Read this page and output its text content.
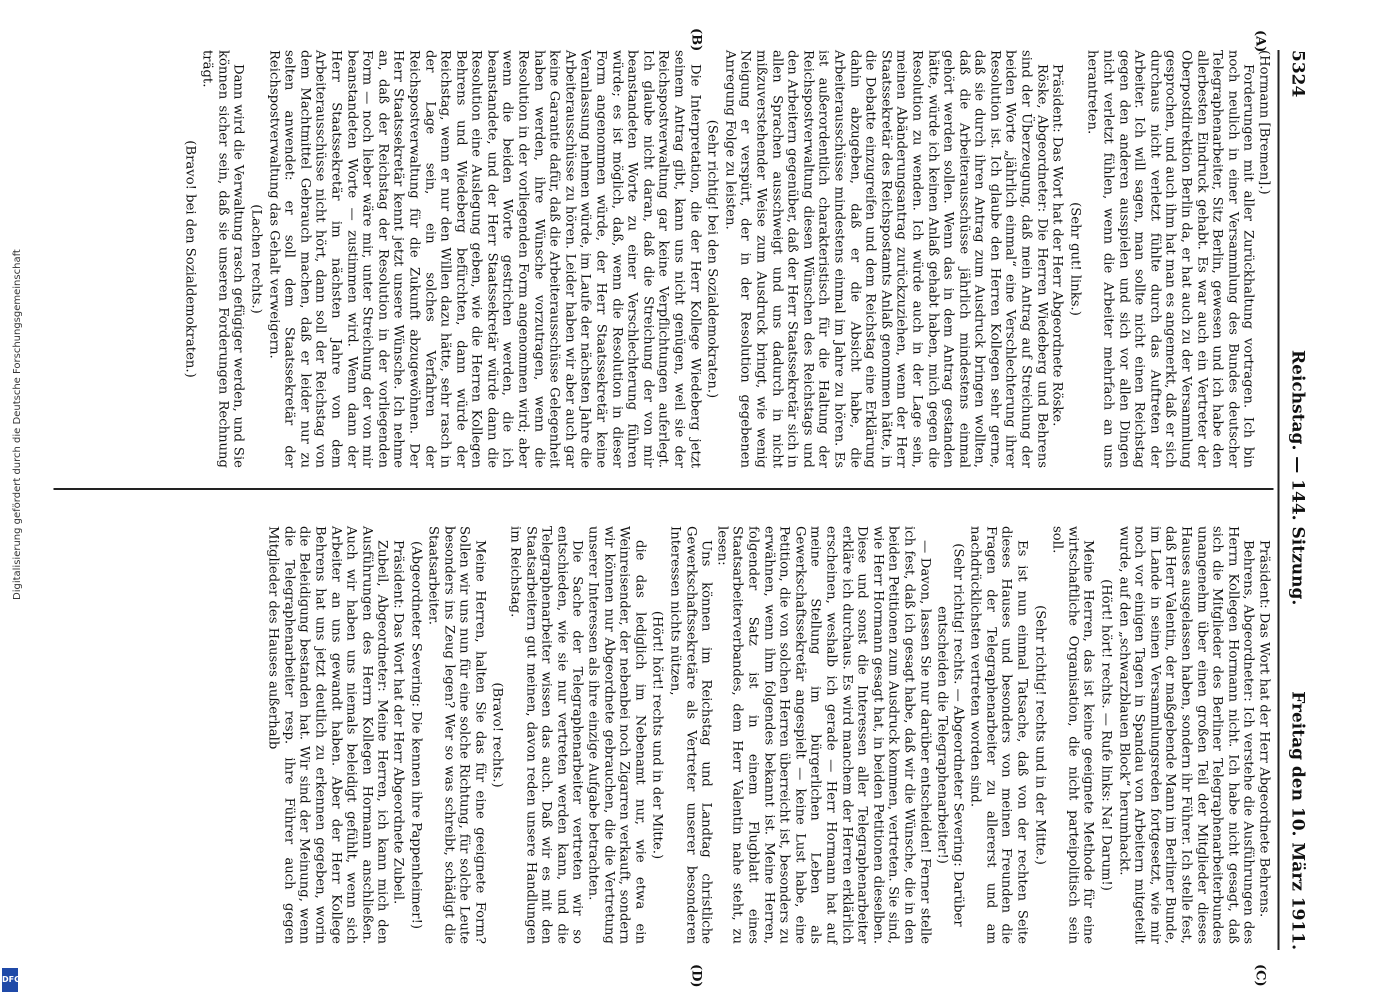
5324
Reichstag. — 144. Sitzung.
Freitag den 10. März 1911.
(A)
(B)
(C)
(D)

(Hormann [Bremen].)

Forderungen mit aller Zurückhaltung vortragen. Ich bin noch neulich in einer Versammlung des Bundes deutscher Telegraphenarbeiter, Sitz Berlin, gewesen und ich habe den allerbesten Eindruck gehabt. Es war auch ein Vertreter der Oberpostdirektion Berlin da, er hat auch zu der Versammlung gesprochen, und auch ihm hat man es angemerkt, daß er sich durchaus nicht verletzt fühlte durch das Auftreten der Arbeiter. Ich will sagen, man sollte nicht einen Reichstag gegen den anderen ausspielen und sich vor allen Dingen nicht verletzt fühlen, wenn die Arbeiter mehrfach an uns herantreten.

(Sehr gut! links.)

Präsident: Das Wort hat der Herr Abgeordnete Röske.

Röske, Abgeordneter: Die Herren Wiedeberg und Behrens sind der Überzeugung, daß mein Antrag auf Streichung der beiden Worte „jährlich einmal“ eine Verschlechterung ihrer Resolution ist. Ich glaube den Herren Kollegen sehr gerne, daß sie durch ihren Antrag zum Ausdruck bringen wollten, daß die Arbeiterausschüsse jährlich mindestens einmal gehört werden sollen. Wenn das in dem Antrag gestanden hätte, würde ich keinen Anlaß gehabt haben, mich gegen die Resolution zu wenden. Ich würde auch in der Lage sein, meinen Abänderungsantrag zurückzuziehen, wenn der Herr Staatssekretär des Reichspostamts Anlaß genommen hätte, in die Debatte einzugreifen und dem Reichstag eine Erklärung dahin abzugeben, daß er die Absicht habe, die Arbeiterausschüsse mindestens einmal im Jahre zu hören. Es ist außerordentlich charakteristisch für die Haltung der Reichspostverwaltung diesen Wünschen des Reichstags und den Arbeitern gegenüber, daß der Herr Staatssekretär sich in allen Sprachen ausschweigt und uns dadurch in nicht mißzuverstehender Weise zum Ausdruck bringt, wie wenig Neigung er verspürt, der in der Resolution gegebenen Anregung Folge zu leisten.

(Sehr richtig! bei den Sozialdemokraten.)

Die Interpretation, die der Herr Kollege Wiedeberg jetzt seinem Antrag gibt, kann uns nicht genügen, weil sie der Reichspostverwaltung gar keine Verpflichtungen auferlegt. Ich glaube nicht daran, daß die Streichung der von mir beanstandeten Worte zu einer Verschlechterung führen würde; es ist möglich, daß, wenn die Resolution in dieser Form angenommen würde, der Herr Staatssekretär keine Veranlassung nehmen würde, im Laufe der nächsten Jahre die Arbeiterausschüsse zu hören. Leider haben wir aber auch gar keine Garantie dafür, daß die Arbeiterausschüsse Gelegenheit haben werden, ihre Wünsche vorzutragen, wenn die Resolution in der vorliegenden Form angenommen wird; aber wenn die beiden Worte gestrichen werden, die ich beanstandete, und der Herr Staatssekretär würde dann die Resolution eine Auslegung geben, wie die Herren Kollegen Behrens und Wiedeberg befürchten, dann würde der Reichstag, wenn er nur den Willen dazu hätte, sehr rasch in der Lage sein, ein solches Verfahren der Reichspostverwaltung für die Zukunft abzugewöhnen. Der Herr Staatssekretär kennt jetzt unsere Wünsche. Ich nehme an, daß der Reichstag der Resolution in der vorliegenden Form — noch lieber wäre mir, unter Streichung der von mir beanstandeten Worte — zustimmen wird. Wenn dann der Herr Staatssekretär im nächsten Jahre von dem Arbeiterausschüsse nicht hört, dann soll der Reichstag von dem Machtmittel Gebrauch machen, daß er leider nur zu selten anwendet: er soll dem Staatssekretär der Reichspostverwaltung das Gehalt verweigern.

(Lachen rechts.)

Dann wird die Verwaltung rasch gefügiger werden, und Sie können sicher sein, daß sie unseren Forderungen Rechnung trägt.

(Bravo! bei den Sozialdemokraten.)

Präsident: Das Wort hat der Herr Abgeordnete Behrens.

Behrens, Abgeordneter: Ich verstehe die Ausführungen des Herrn Kollegen Hormann nicht. Ich habe nicht gesagt, daß sich die Mitglieder des Berliner Telegraphenarbeiterbundes unangenehm über einen großen Teil der Mitglieder dieses Hauses ausgelassen haben, sondern ihr Führer. Ich stelle fest, daß Herr Valentin, der maßgebende Mann im Berliner Bunde, im Lande in seinen Versammlungsreden fortgesetzt, wie mir noch vor einigen Tagen in Spandau von Arbeitern mitgeteilt wurde, auf den „schwarzblauen Block“ herumhackt.

(Hört! hört! rechts. — Rufe links: Na! Darum!)

Meine Herren, das ist keine geeignete Methode für eine wirtschaftliche Organisation, die nicht parteipolitisch sein soll.

(Sehr richtig! rechts und in der Mitte.)

Es ist nun einmal Tatsache, daß von der rechten Seite dieses Hauses und besonders von meinen Freunden die Fragen der Telegraphenarbeiter zu allererst und am nachdrücklichsten vertreten worden sind.

(Sehr richtig! rechts. — Abgeordneter Severing: Darüber entscheiden die Telegraphenarbeiter!)

— Davon, lassen Sie nur darüber entscheiden! Ferner stelle ich fest, daß ich gesagt habe, daß wir die Wünsche, die in den beiden Petitionen zum Ausdruck kommen, vertreten. Sie sind, wie Herr Hormann gesagt hat, in beiden Petitionen dieselben. Diese und sonst die Interessen aller Telegraphenarbeiter erkläre ich durchaus. Es wird manchem der Herren erklärlich erscheinen, weshalb ich gerade — Herr Hormann hat auf meine Stellung im bürgerlichen Leben als Gewerkschaftssekretär angespielt — keine Lust habe, eine Petition, die von solchen Herren überreicht ist, besonders zu erwähnen, wenn ihm folgendes bekannt ist. Meine Herren, folgender Satz ist in einem Flugblatt eines Staatsarbeiterverbandes, dem Herr Valentin nahe steht, zu lesen:

Uns können im Reichstag und Landtag christliche Gewerkschaftssekretäre als Vertreter unserer besonderen Interessen nichts nützen,

(Hört! hört! rechts und in der Mitte.)

die das lediglich im Nebenamt nur, wie etwa ein Weinreisender, der nebenbei noch Zigarren verkauft, sondern wir können nur Abgeordnete gebrauchen, die die Vertretung unserer Interessen als ihre einzige Aufgabe betrachten.

Die Sache der Telegraphenarbeiter vertreten wir so entschieden, wie sie nur vertreten werden kann, und die Telegraphenarbeiter wissen das auch. Daß wir es mit den Staatsarbeitern gut meinen, davon reden unsere Handlungen im Reichstag.

(Bravo! rechts.)

Meine Herren, halten Sie das für eine geeignete Form? Sollen wir uns nun für eine solche Richtung, für solche Leute besonders ins Zeug legen? Wer so was schreibt, schädigt die Staatsarbeiter.

(Abgeordneter Severing: Die kennen ihre Pappenheimer!)

Präsident: Das Wort hat der Herr Abgeordnete Zubeil.

Zubeil, Abgeordneter: Meine Herren, ich kann mich den Ausführungen des Herrn Kollegen Hormann anschließen. Auch wir haben uns niemals beleidigt gefühlt, wenn sich Arbeiter an uns gewandt haben. Aber der Herr Kollege Behrens hat uns jetzt deutlich zu erkennen gegeben, worin die Beleidigung bestanden hat. Wir sind der Meinung, wenn die Telegraphenarbeiter resp. ihre Führer auch gegen Mitglieder des Hauses außerhalb

Digitalisierung gefördert durch die Deutsche Forschungsgemeinschaft
DFG
